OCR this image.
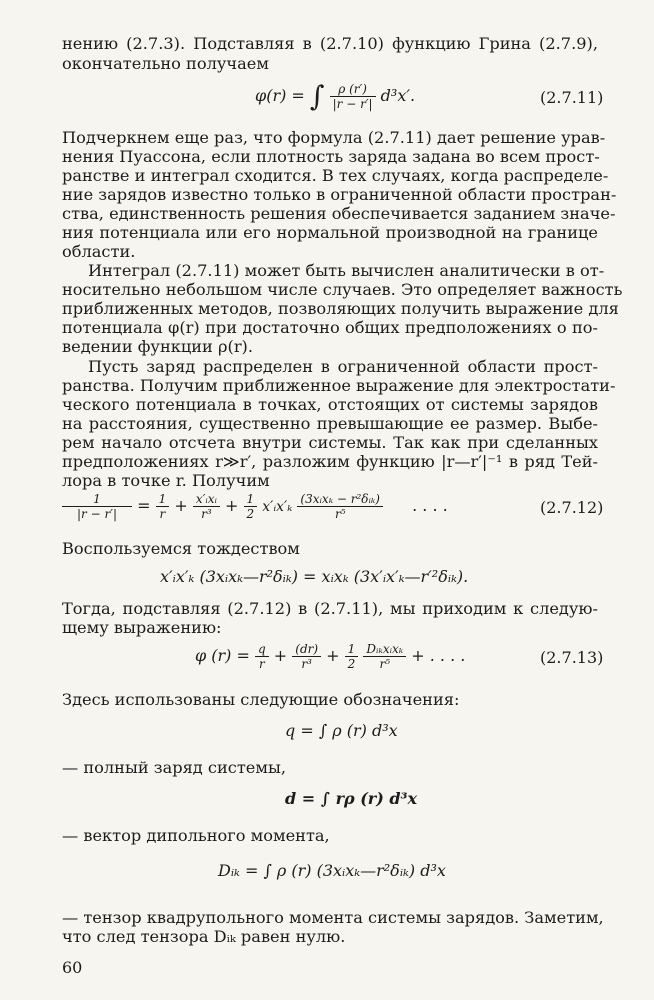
нению (2.7.3). Подставляя в (2.7.10) функцию Грина (2.7.9),
окончательно получаем
φ(r) = ∫ $\frac{\rho (r')}{|r - r'|} d^3x'$.	(2.7.11)
Подчеркнем еще раз, что формула (2.7.11) дает решение урав-
нения Пуассона, если плотность заряда задана во всем прост-
ранстве и интеграл сходится. В тех случаях, когда распределе-
ние зарядов известно только в ограниченной области простран-
ства, единственность решения обеспечивается заданием значе-
ния потенциала или его нормальной производной на границе
области.
Интеграл (2.7.11) может быть вычислен аналитически в от-
носительно небольшом числе случаев. Это определяет важность
приближенных методов, позволяющих получить выражение для
потенциала φ(r) при достаточно общих предположениях о по-
ведении функции ρ(r).
Пусть заряд распределен в ограниченной области прост-
ранства. Получим приближенное выражение для электростати-
ческого потенциала в точках, отстоящих от системы зарядов
на расстояния, существенно превышающие ее размер. Выбе-
рем начало отсчета внутри системы. Так как при сделанных
предположениях r≫r′, разложим функцию |r—r′|⁻¹ в ряд Тей-
лора в точке r. Получим
$\frac{1}{|r - r'|} = \frac{1}{r} + \frac{\text{x′ᵢxᵢ}}{\text{r³}} + \frac{1}{2}$ x′ᵢx′ₖ $\frac{\text{(3xᵢxₖ − r²δᵢₖ)}}{\text{r⁵}}$ . . . .	(2.7.12)
Воспользуемся тождеством
x′ᵢx′ₖ (3xᵢxₖ—r²δᵢₖ) = xᵢxₖ (3x′ᵢx′ₖ—r′²δᵢₖ).
Тогда, подставляя (2.7.12) в (2.7.11), мы приходим к следую-
щему выражению:
φ $(r) = \frac{q}{r} + \frac{(dr)}{\text{r³}} + \frac{1}{2}$
$\frac{\text{Dᵢₖxᵢxₖ}}{\text{r⁵}}$ + . . . .	(2.7.13)
Здесь использованы следующие обозначения:
q = ∫ ρ (r) d³x
— полный заряд системы,
d = ∫ rρ (r) d³x
— вектор дипольного момента,
Dᵢₖ = ∫ ρ (r) (3xᵢxₖ—r²δᵢₖ) d³x
— тензор квадрупольного момента системы зарядов. Заметим,
что след тензора Dᵢₖ равен нулю.
60
